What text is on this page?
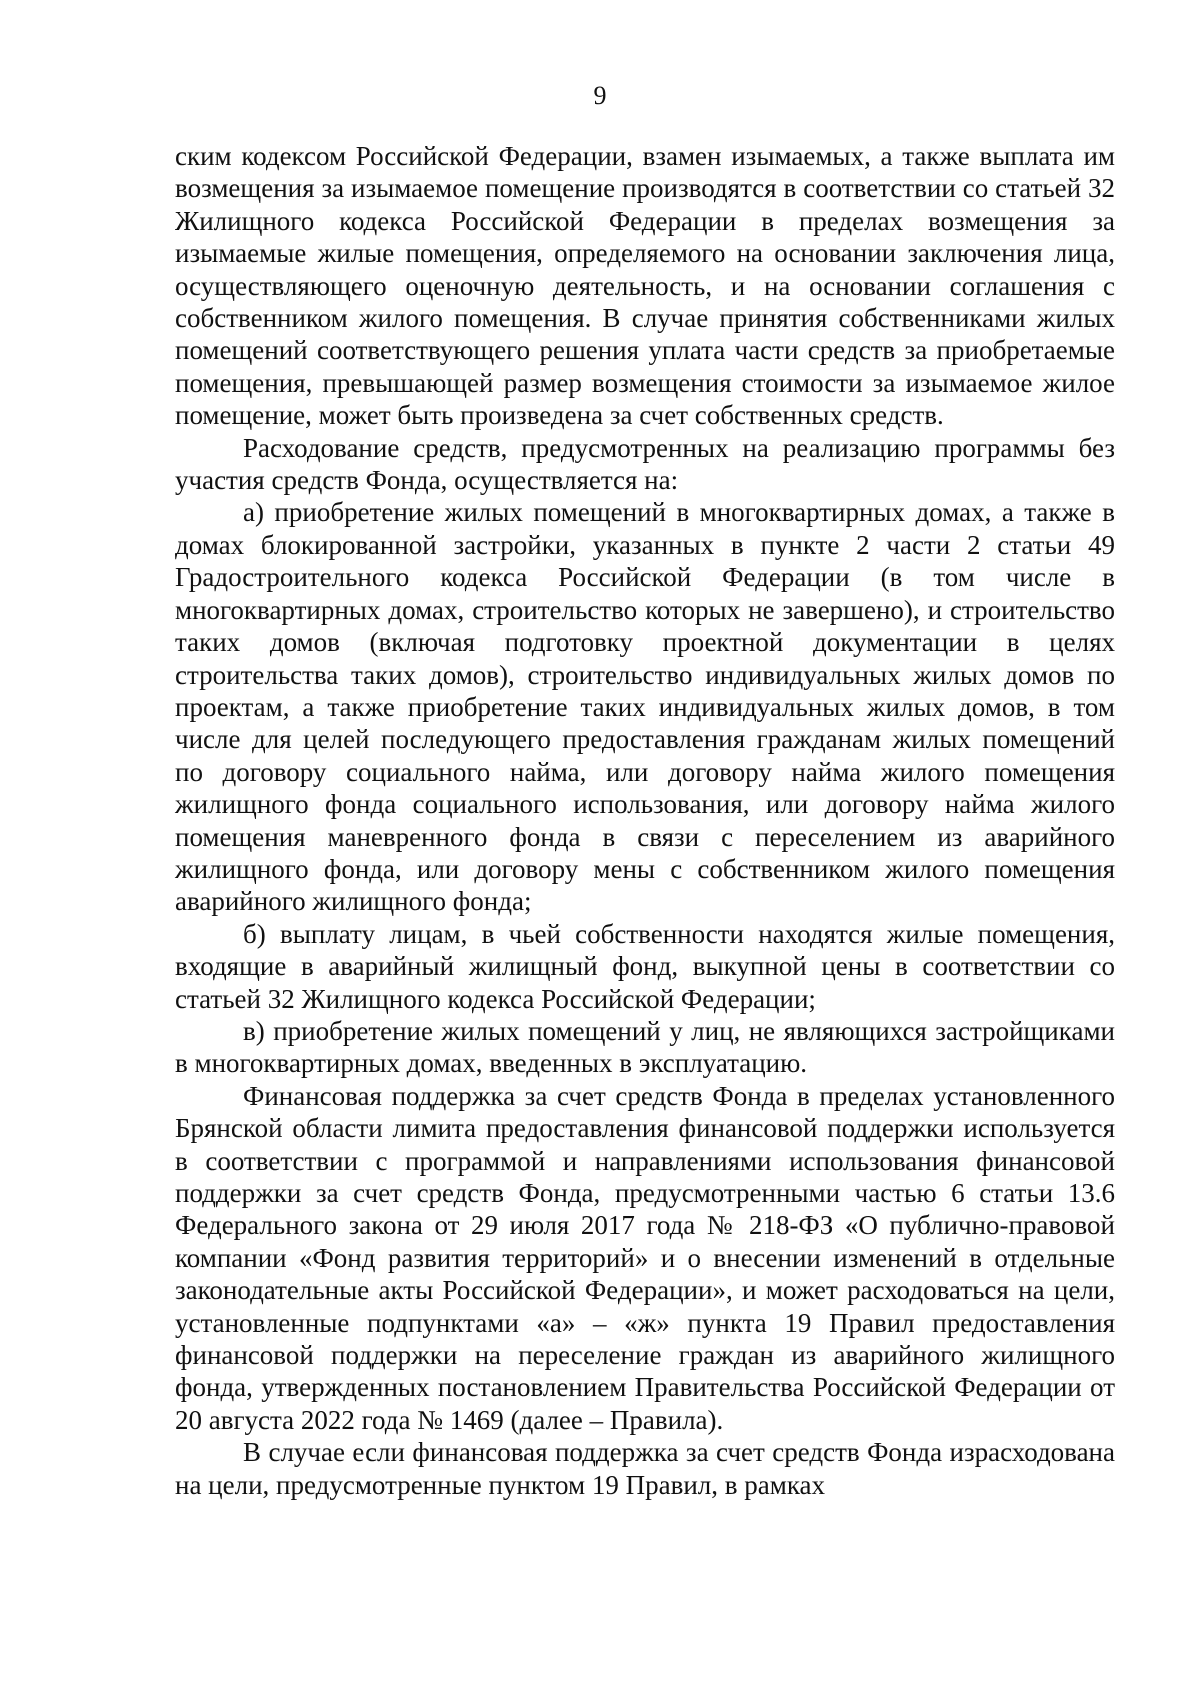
9

ским кодексом Российской Федерации, взамен изымаемых, а также выплата им возмещения за изымаемое помещение производятся в соответствии со статьей 32 Жилищного кодекса Российской Федерации в пределах возмещения за изымаемые жилые помещения, определяемого на основании заключения лица, осуществляющего оценочную деятельность, и на основании соглашения с собственником жилого помещения. В случае принятия собственниками жилых помещений соответствующего решения уплата части средств за приобретаемые помещения, превышающей размер возмещения стоимости за изымаемое жилое помещение, может быть произведена за счет собственных средств.

Расходование средств, предусмотренных на реализацию программы без участия средств Фонда, осуществляется на:

а) приобретение жилых помещений в многоквартирных домах, а также в домах блокированной застройки, указанных в пункте 2 части 2 статьи 49 Градостроительного кодекса Российской Федерации (в том числе в многоквартирных домах, строительство которых не завершено), и строительство таких домов (включая подготовку проектной документации в целях строительства таких домов), строительство индивидуальных жилых домов по проектам, а также приобретение таких индивидуальных жилых домов, в том числе для целей последующего предоставления гражданам жилых помещений по договору социального найма, или договору найма жилого помещения жилищного фонда социального использования, или договору найма жилого помещения маневренного фонда в связи с переселением из аварийного жилищного фонда, или договору мены с собственником жилого помещения аварийного жилищного фонда;

б) выплату лицам, в чьей собственности находятся жилые помещения, входящие в аварийный жилищный фонд, выкупной цены в соответствии со статьей 32 Жилищного кодекса Российской Федерации;

в) приобретение жилых помещений у лиц, не являющихся застройщиками в многоквартирных домах, введенных в эксплуатацию.

Финансовая поддержка за счет средств Фонда в пределах установленного Брянской области лимита предоставления финансовой поддержки используется в соответствии с программой и направлениями использования финансовой поддержки за счет средств Фонда, предусмотренными частью 6 статьи 13.6 Федерального закона от 29 июля 2017 года № 218-ФЗ «О публично-правовой компании «Фонд развития территорий» и о внесении изменений в отдельные законодательные акты Российской Федерации», и может расходоваться на цели, установленные подпунктами «а» – «ж» пункта 19 Правил предоставления финансовой поддержки на переселение граждан из аварийного жилищного фонда, утвержденных постановлением Правительства Российской Федерации от 20 августа 2022 года № 1469 (далее – Правила).

В случае если финансовая поддержка за счет средств Фонда израсходована на цели, предусмотренные пунктом 19 Правил, в рамках
